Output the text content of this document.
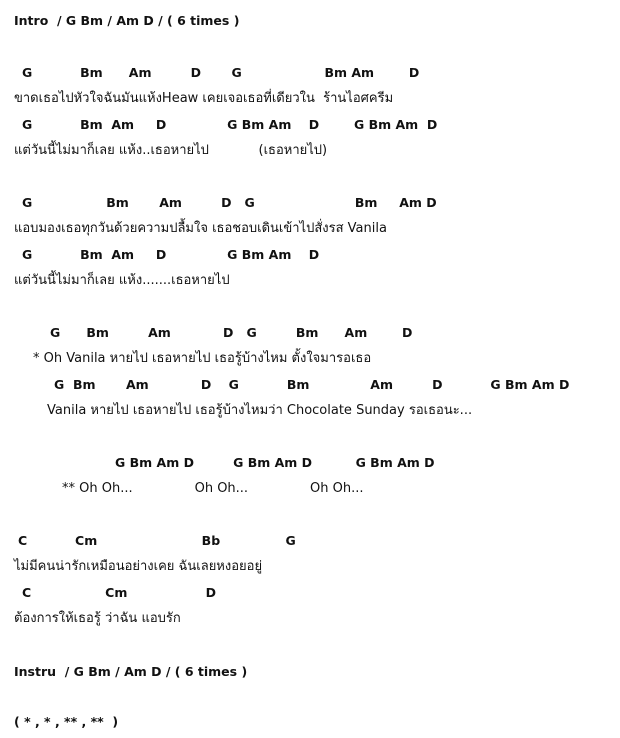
Intro  / G Bm / Am D / ( 6 times )
G           Bm      Am         D       G                   Bm Am        D
ขาดเธอไปหัวใจฉันมันแห้งHeaw เคยเจอเธอที่เดียวใน  ร้านไอศครีม
G           Bm  Am     D              G Bm Am    D        G Bm Am  D
แต่วันนี้ไม่มาก็เลย แห้ง..เธอหายไป            (เธอหายไป)
G                 Bm       Am         D   G                       Bm     Am D
แอบมองเธอทุกวันด้วยความปลื้มใจ เธอชอบเดินเข้าไปสั่งรส Vanila
G           Bm  Am     D              G Bm Am    D
แต่วันนี้ไม่มาก็เลย แห้ง.......เธอหายไป
G      Bm         Am            D   G         Bm      Am        D
* Oh Vanila หายไป เธอหายไป เธอรู้บ้างไหม ตั้งใจมารอเธอ
G  Bm       Am            D    G           Bm              Am         D           G Bm Am D
Vanila หายไป เธอหายไป เธอรู้บ้างไหมว่า Chocolate Sunday รอเธอนะ...
G Bm Am D         G Bm Am D          G Bm Am D
** Oh Oh...               Oh Oh...               Oh Oh...
C           Cm                        Bb               G
ไม่มีคนน่ารักเหมือนอย่างเคย ฉันเลยหงอยอยู่
C                 Cm                  D
ต้องการให้เธอรู้ ว่าฉัน แอบรัก
Instru  / G Bm / Am D / ( 6 times )
( * , * , ** , **  )
